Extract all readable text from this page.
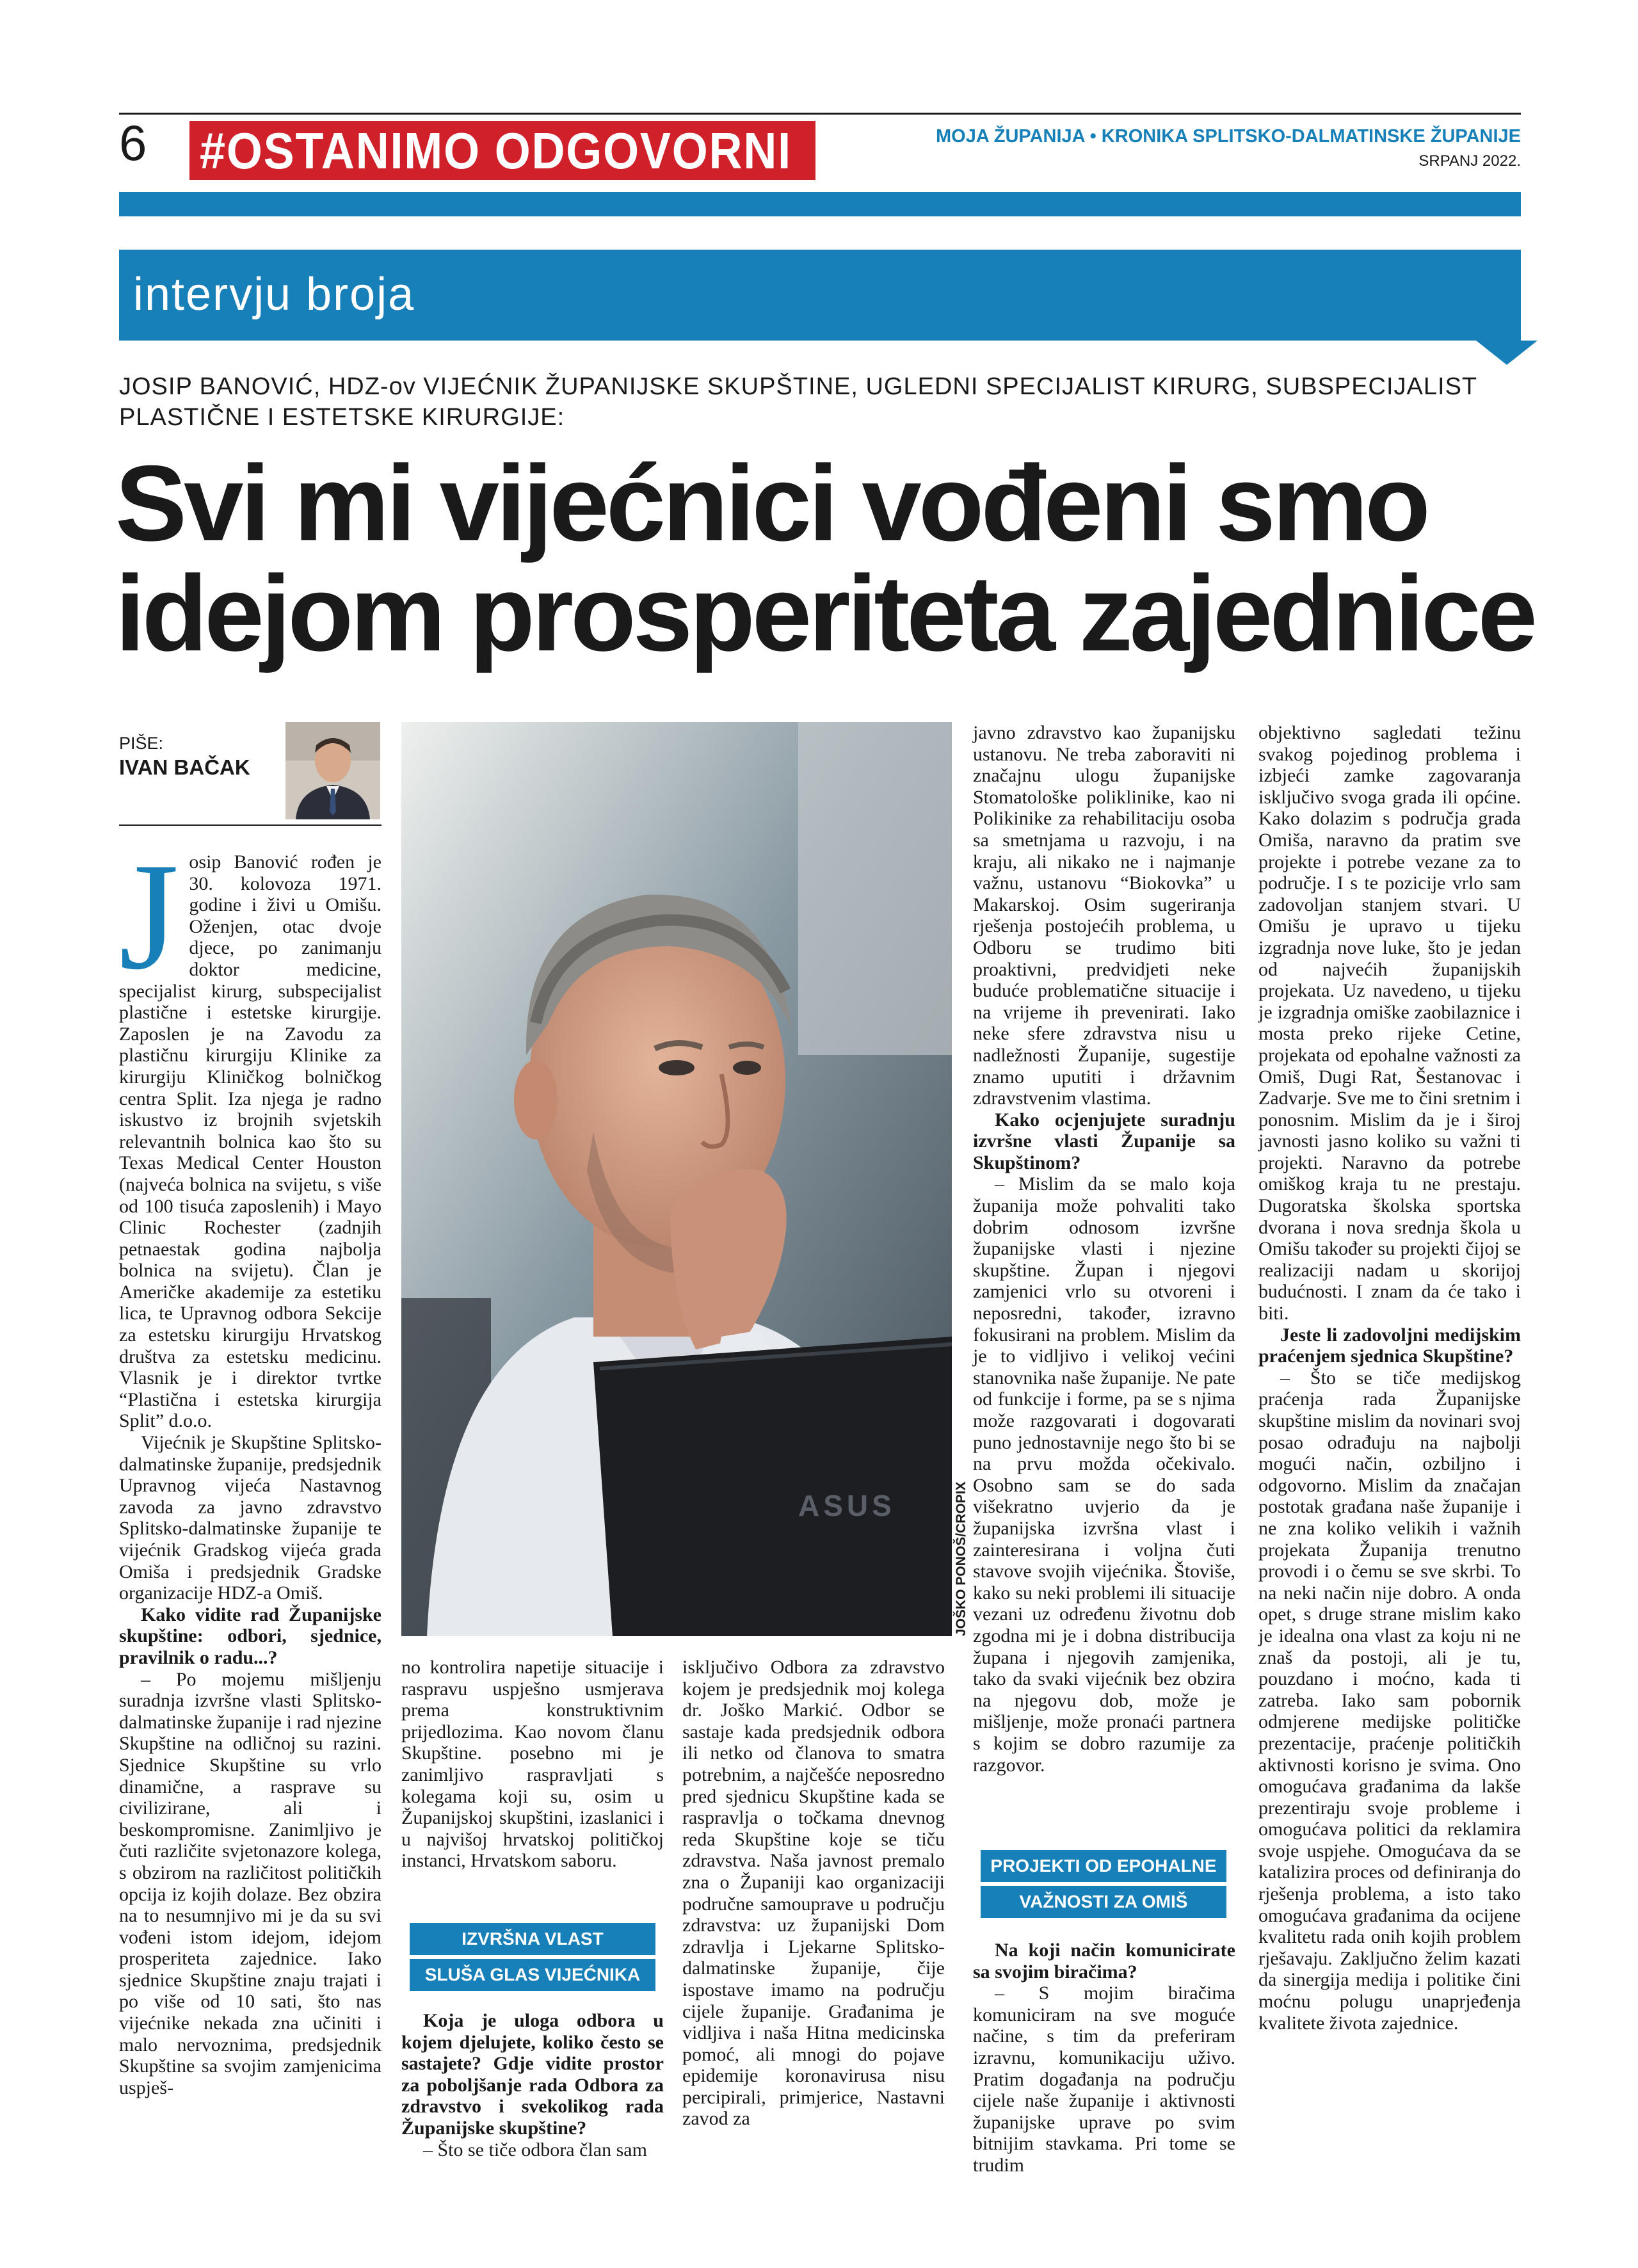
6 #OSTANIMO ODGOVORNI	MOJA ŽUPANIJA • KRONIKA SPLITSKO-DALMATINSKE ŽUPANIJE
SRPANJ 2022.
intervju broja
JOSIP BANOVIĆ, HDZ-ov VIJEĆNIK ŽUPANIJSKE SKUPŠTINE, UGLEDNI SPECIJALIST KIRURG, SUBSPECIJALIST PLASTIČNE I ESTETSKE KIRURGIJE:
Svi mi vijećnici vođeni smo idejom prosperiteta zajednice
PIŠE:
IVAN BAČAK
ASUS	JOŠKO PONOŠ/CROPIX

Josip Banović rođen je 30. kolovoza 1971. godine i živi u Omišu. Oženjen, otac dvoje djece, po zanimanju doktor medicine, specijalist kirurg, subspecijalist plastične i estetske kirurgije. Zaposlen je na Zavodu za plastičnu kirurgiju Klinike za kirurgiju Kliničkog bolničkog centra Split. Iza njega je radno iskustvo iz brojnih svjetskih relevantnih bolnica kao što su Texas Medical Center Houston (najveća bolnica na svijetu, s više od 100 tisuća zaposlenih) i Mayo Clinic Rochester (zadnjih petnaestak godina najbolja bolnica na svijetu). Član je Američke akademije za estetiku lica, te Upravnog odbora Sekcije za estetsku kirurgiju Hrvatskog društva za estetsku medicinu. Vlasnik je i direktor tvrtke “Plastična i estetska kirurgija Split” d.o.o.

Vijećnik je Skupštine Splitsko-dalmatinske županije, predsjednik Upravnog vijeća Nastavnog zavoda za javno zdravstvo Splitsko-dalmatinske županije te vijećnik Gradskog vijeća grada Omiša i predsjednik Gradske organizacije HDZ-a Omiš.

Kako vidite rad Županijske skupštine: odbori, sjednice, pravilnik o radu...?

– Po mojemu mišljenju suradnja izvršne vlasti Splitsko-dalmatinske županije i rad njezine Skupštine na odličnoj su razini. Sjednice Skupštine su vrlo dinamične, a rasprave su civilizirane, ali i beskompromisne. Zanimljivo je čuti različite svjetonazore kolega, s obzirom na različitost političkih opcija iz kojih dolaze. Bez obzira na to nesumnjivo mi je da su svi vođeni istom idejom, idejom prosperiteta zajednice. Iako sjednice Skupštine znaju trajati i po više od 10 sati, što nas vijećnike nekada zna učiniti i malo nervoznima, predsjednik Skupštine sa svojim zamjenicima uspješ-

no kontrolira napetije situacije i raspravu uspješno usmjerava prema konstruktivnim prijedlozima. Kao novom članu Skupštine. posebno mi je zanimljivo raspravljati s kolegama koji su, osim u Županijskoj skupštini, izaslanici i u najvišoj hrvatskoj političkoj instanci, Hrvatskom saboru.

IZVRŠNA VLAST
SLUŠA GLAS VIJEĆNIKA

Koja je uloga odbora u kojem djelujete, koliko često se sastajete? Gdje vidite prostor za poboljšanje rada Odbora za zdravstvo i svekolikog rada Županijske skupštine?

– Što se tiče odbora član sam

isključivo Odbora za zdravstvo kojem je predsjednik moj kolega dr. Joško Markić. Odbor se sastaje kada predsjednik odbora ili netko od članova to smatra potrebnim, a najčešće neposredno pred sjednicu Skupštine kada se raspravlja o točkama dnevnog reda Skupštine koje se tiču zdravstva. Naša javnost premalo zna o Županiji kao organizaciji područne samouprave u području zdravstva: uz županijski Dom zdravlja i Ljekarne Splitsko-dalmatinske županije, čije ispostave imamo na području cijele županije. Građanima je vidljiva i naša Hitna medicinska pomoć, ali mnogi do pojave epidemije koronavirusa nisu percipirali, primjerice, Nastavni zavod za

javno zdravstvo kao županijsku ustanovu. Ne treba zaboraviti ni značajnu ulogu županijske Stomatološke poliklinike, kao ni Polikinike za rehabilitaciju osoba sa smetnjama u razvoju, i na kraju, ali nikako ne i najmanje važnu, ustanovu “Biokovka” u Makarskoj. Osim sugeriranja rješenja postojećih problema, u Odboru se trudimo biti proaktivni, predvidjeti neke buduće problematične situacije i na vrijeme ih prevenirati. Iako neke sfere zdravstva nisu u nadležnosti Županije, sugestije znamo uputiti i državnim zdravstvenim vlastima.

Kako ocjenjujete suradnju izvršne vlasti Županije sa Skupštinom?

– Mislim da se malo koja županija može pohvaliti tako dobrim odnosom izvršne županijske vlasti i njezine skupštine. Župan i njegovi zamjenici vrlo su otvoreni i neposredni, također, izravno fokusirani na problem. Mislim da je to vidljivo i velikoj većini stanovnika naše županije. Ne pate od funkcije i forme, pa se s njima može razgovarati i dogovarati puno jednostavnije nego što bi se na prvu možda očekivalo. Osobno sam se do sada višekratno uvjerio da je županijska izvršna vlast i zainteresirana i voljna čuti stavove svojih vijećnika. Štoviše, kako su neki problemi ili situacije vezani uz određenu životnu dob zgodna mi je i dobna distribucija župana i njegovih zamjenika, tako da svaki vijećnik bez obzira na njegovu dob, može je mišljenje, može pronaći partnera s kojim se dobro razumije za razgovor.

PROJEKTI OD EPOHALNE
VAŽNOSTI ZA OMIŠ

Na koji način komunicirate sa svojim biračima?

– S mojim biračima komuniciram na sve moguće načine, s tim da preferiram izravnu, komunikaciju uživo. Pratim događanja na području cijele naše županije i aktivnosti županijske uprave po svim bitnijim stavkama. Pri tome se trudim

objektivno sagledati težinu svakog pojedinog problema i izbjeći zamke zagovaranja isključivo svoga grada ili općine. Kako dolazim s područja grada Omiša, naravno da pratim sve projekte i potrebe vezane za to područje. I s te pozicije vrlo sam zadovoljan stanjem stvari. U Omišu je upravo u tijeku izgradnja nove luke, što je jedan od najvećih županijskih projekata. Uz navedeno, u tijeku je izgradnja omiške zaobilaznice i mosta preko rijeke Cetine, projekata od epohalne važnosti za Omiš, Dugi Rat, Šestanovac i Zadvarje. Sve me to čini sretnim i ponosnim. Mislim da je i široj javnosti jasno koliko su važni ti projekti. Naravno da potrebe omiškog kraja tu ne prestaju. Dugoratska školska sportska dvorana i nova srednja škola u Omišu također su projekti čijoj se realizaciji nadam u skorijoj budućnosti. I znam da će tako i biti.

Jeste li zadovoljni medijskim praćenjem sjednica Skupštine?

– Što se tiče medijskog praćenja rada Županijske skupštine mislim da novinari svoj posao odrađuju na najbolji mogući način, ozbiljno i odgovorno. Mislim da značajan postotak građana naše županije i ne zna koliko velikih i važnih projekata Županija trenutno provodi i o čemu se sve skrbi. To na neki način nije dobro. A onda opet, s druge strane mislim kako je idealna ona vlast za koju ni ne znaš da postoji, ali je tu, pouzdano i moćno, kada ti zatreba. Iako sam pobornik odmjerene medijske političke prezentacije, praćenje političkih aktivnosti korisno je svima. Ono omogućava građanima da lakše prezentiraju svoje probleme i omogućava politici da reklamira svoje uspjehe. Omogućava da se katalizira proces od definiranja do rješenja problema, a isto tako omogućava građanima da ocijene kvalitetu rada onih kojih problem rješavaju. Zaključno želim kazati da sinergija medija i politike čini moćnu polugu unaprjeđenja kvalitete života zajednice.
